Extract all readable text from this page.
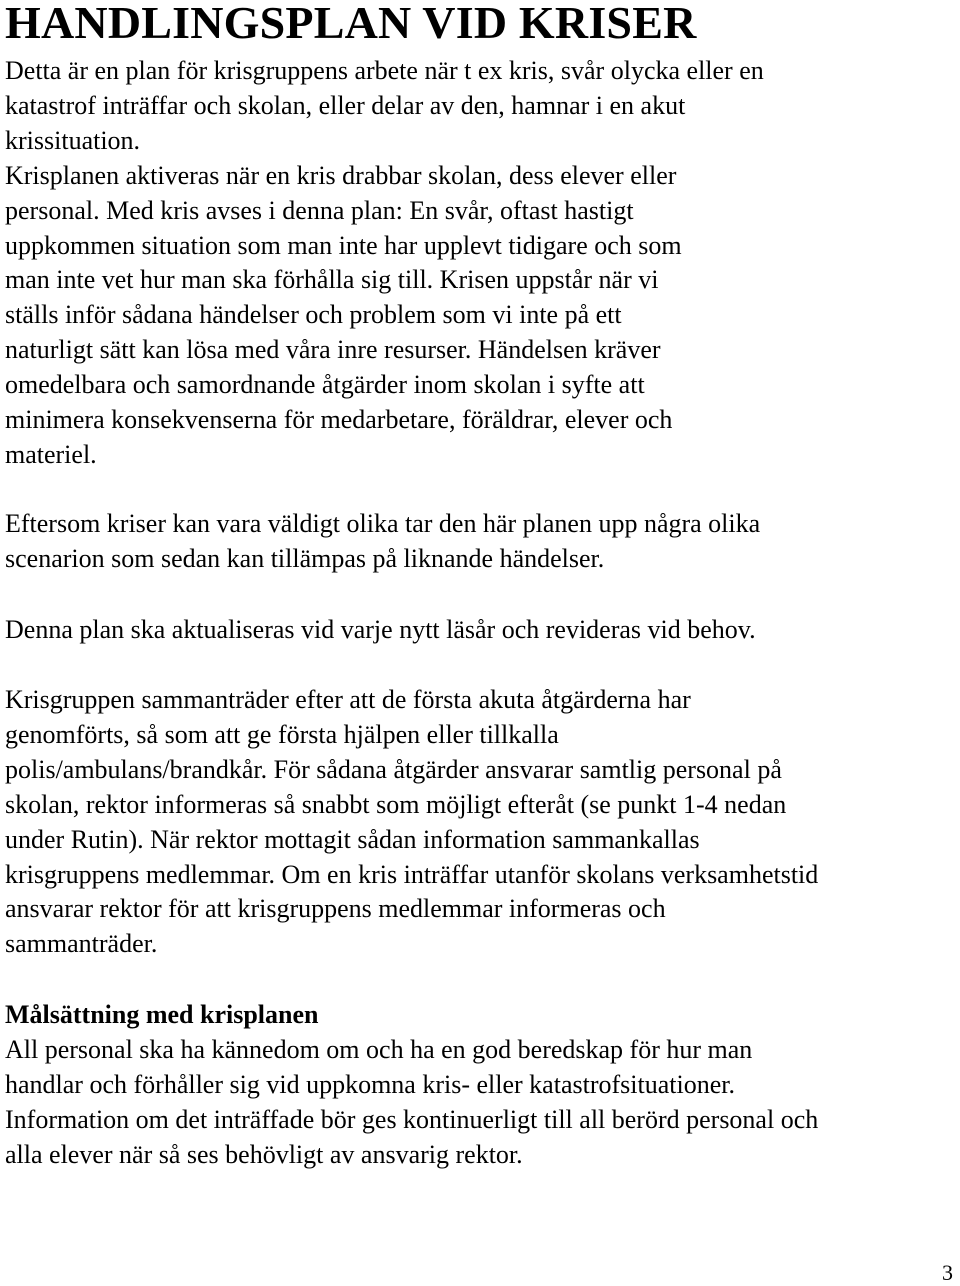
HANDLINGSPLAN VID KRISER
Detta är en plan för krisgruppens arbete när t ex kris, svår olycka eller en
katastrof inträffar och skolan, eller delar av den, hamnar i en akut
krissituation.
Krisplanen aktiveras när en kris drabbar skolan, dess elever eller
personal. Med kris avses i denna plan: En svår, oftast hastigt
uppkommen situation som man inte har upplevt tidigare och som
man inte vet hur man ska förhålla sig till. Krisen uppstår när vi
ställs inför sådana händelser och problem som vi inte på ett
naturligt sätt kan lösa med våra inre resurser. Händelsen kräver
omedelbara och samordnande åtgärder inom skolan i syfte att
minimera konsekvenserna för medarbetare, föräldrar, elever och
materiel.
Eftersom kriser kan vara väldigt olika tar den här planen upp några olika
scenarion som sedan kan tillämpas på liknande händelser.
Denna plan ska aktualiseras vid varje nytt läsår och revideras vid behov.
Krisgruppen sammanträder efter att de första akuta åtgärderna har
genomförts, så som att ge första hjälpen eller tillkalla
polis/ambulans/brandkår. För sådana åtgärder ansvarar samtlig personal på
skolan, rektor informeras så snabbt som möjligt efteråt (se punkt 1-4 nedan
under Rutin). När rektor mottagit sådan information sammankallas
krisgruppens medlemmar. Om en kris inträffar utanför skolans verksamhetstid
ansvarar rektor för att krisgruppens medlemmar informeras och
sammanträder.
Målsättning med krisplanen
All personal ska ha kännedom om och ha en god beredskap för hur man
handlar och förhåller sig vid uppkomna kris- eller katastrofsituationer.
Information om det inträffade bör ges kontinuerligt till all berörd personal och
alla elever när så ses behövligt av ansvarig rektor.
3
